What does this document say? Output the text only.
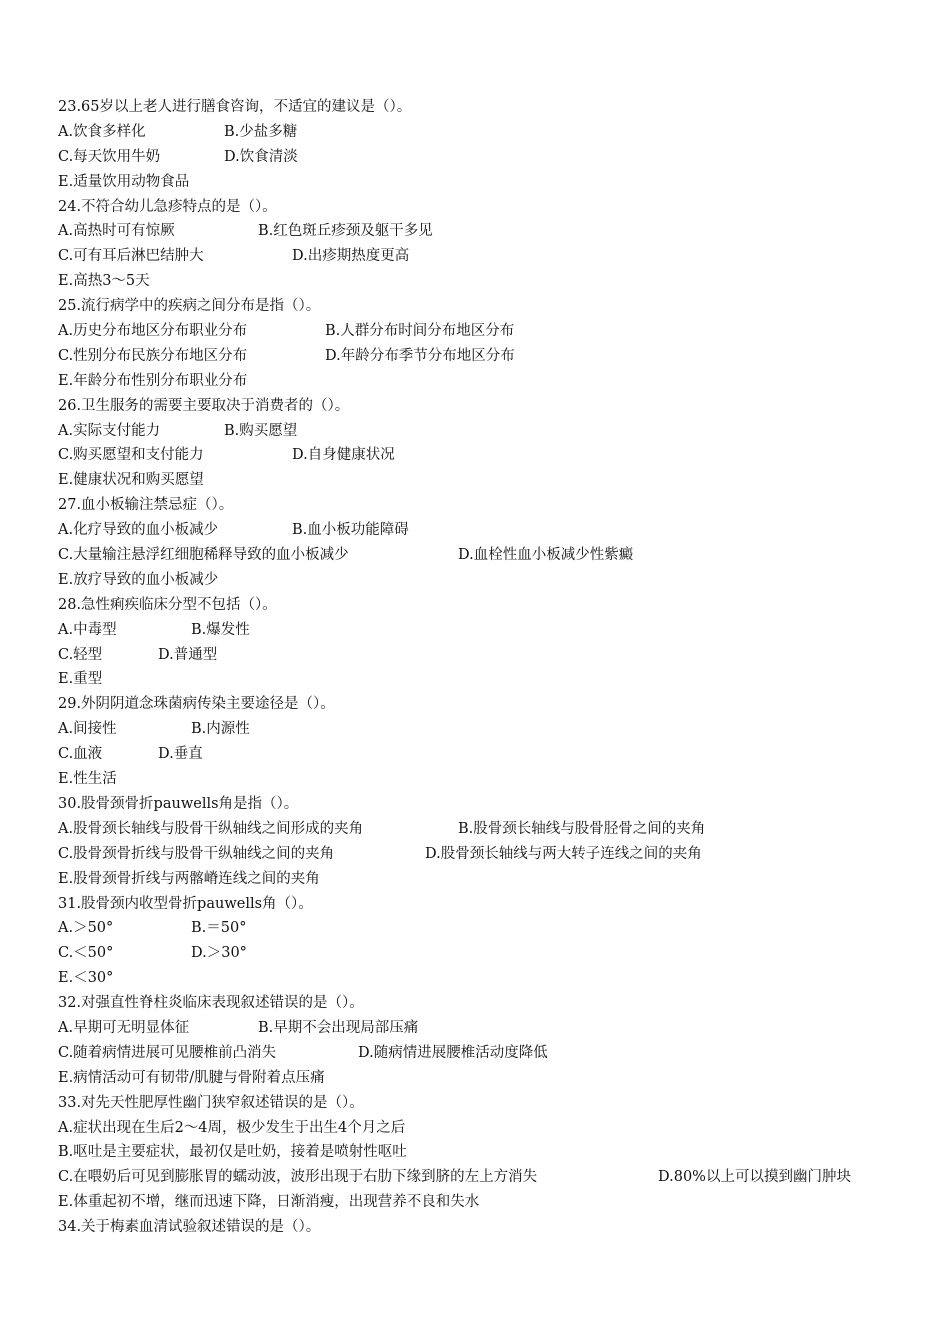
23.65岁以上老人进行膳食咨询，不适宜的建议是（）。
A.饮食多样化	B.少盐多糖
C.每天饮用牛奶	D.饮食清淡
E.适量饮用动物食品
24.不符合幼儿急疹特点的是（）。
A.高热时可有惊厥	B.红色斑丘疹颈及躯干多见
C.可有耳后淋巴结肿大	D.出疹期热度更高
E.高热3～5天
25.流行病学中的疾病之间分布是指（）。
A.历史分布地区分布职业分布	B.人群分布时间分布地区分布
C.性别分布民族分布地区分布	D.年龄分布季节分布地区分布
E.年龄分布性别分布职业分布
26.卫生服务的需要主要取决于消费者的（）。
A.实际支付能力	B.购买愿望
C.购买愿望和支付能力	D.自身健康状况
E.健康状况和购买愿望
27.血小板输注禁忌症（）。
A.化疗导致的血小板减少	B.血小板功能障碍
C.大量输注悬浮红细胞稀释导致的血小板减少	D.血栓性血小板减少性紫癜
E.放疗导致的血小板减少
28.急性痢疾临床分型不包括（）。
A.中毒型	B.爆发性
C.轻型	D.普通型
E.重型
29.外阴阴道念珠菌病传染主要途径是（）。
A.间接性	B.内源性
C.血液	D.垂直
E.性生活
30.股骨颈骨折pauwells角是指（）。
A.股骨颈长轴线与股骨干纵轴线之间形成的夹角	B.股骨颈长轴线与股骨胫骨之间的夹角
C.股骨颈骨折线与股骨干纵轴线之间的夹角	D.股骨颈长轴线与两大转子连线之间的夹角
E.股骨颈骨折线与两髂嵴连线之间的夹角
31.股骨颈内收型骨折pauwells角（）。
A.＞50°	B.＝50°
C.＜50°	D.＞30°
E.＜30°
32.对强直性脊柱炎临床表现叙述错误的是（）。
A.早期可无明显体征	B.早期不会出现局部压痛
C.随着病情进展可见腰椎前凸消失	D.随病情进展腰椎活动度降低
E.病情活动可有韧带/肌腱与骨附着点压痛
33.对先天性肥厚性幽门狭窄叙述错误的是（）。
A.症状出现在生后2～4周，极少发生于出生4个月之后
B.呕吐是主要症状，最初仅是吐奶，接着是喷射性呕吐
C.在喂奶后可见到膨胀胃的蠕动波，波形出现于右肋下缘到脐的左上方消失	D.80%以上可以摸到幽门肿块
E.体重起初不增，继而迅速下降，日渐消瘦，出现营养不良和失水
34.关于梅素血清试验叙述错误的是（）。
